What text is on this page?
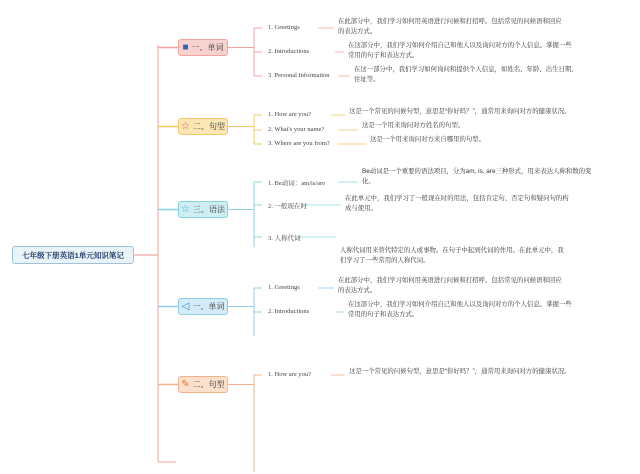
七年级下册英语1单元知识笔记
■ 一、单词
1. Greetings
在此部分中，我们学习如何用英语进行问候和打招呼。包括常见的问候语和回应
的表达方式。
2. Introductions
在这部分中，我们学习如何介绍自己和他人以及询问对方的个人信息。掌握一些
常用的句子和表达方式。
3. Personal Information
在这一部分中，我们学习如何询问和提供个人信息，如姓名、年龄、出生日期、
住址等。
☆ 二、句型
1. How are you?	这是一个常见的问候句型，意思是“你好吗？”，通常用来询问对方的健康状况。
2. What's your name?
这是一个用来询问对方姓名的句型。
3. Where are you from?
这是一个用来询问对方来自哪里的句型。
☆ 三、语法
1. Be动词：am/is/are
Be动词是一个重要的语法项目，分为am, is, are三种形式，用来表达人称和数的变
化。
2. 一般现在时
在此单元中，我们学习了一般现在时的用法，包括肯定句、否定句和疑问句的构
成与使用。
3. 人称代词
人称代词用来替代特定的人或事物。在句子中起到代词的作用。在此单元中，我
们学习了一些常用的人称代词。
◁ 一、单词
1. Greetings
在此部分中，我们学习如何用英语进行问候和打招呼。包括常见的问候语和回应
的表达方式。
2. Introductions
在这部分中，我们学习如何介绍自己和他人以及询问对方的个人信息。掌握一些
常用的句子和表达方式。
✎ 二、句型
1. How are you?	这是一个常见的问候句型，意思是“你好吗？”，通常用来询问对方的健康状况。
